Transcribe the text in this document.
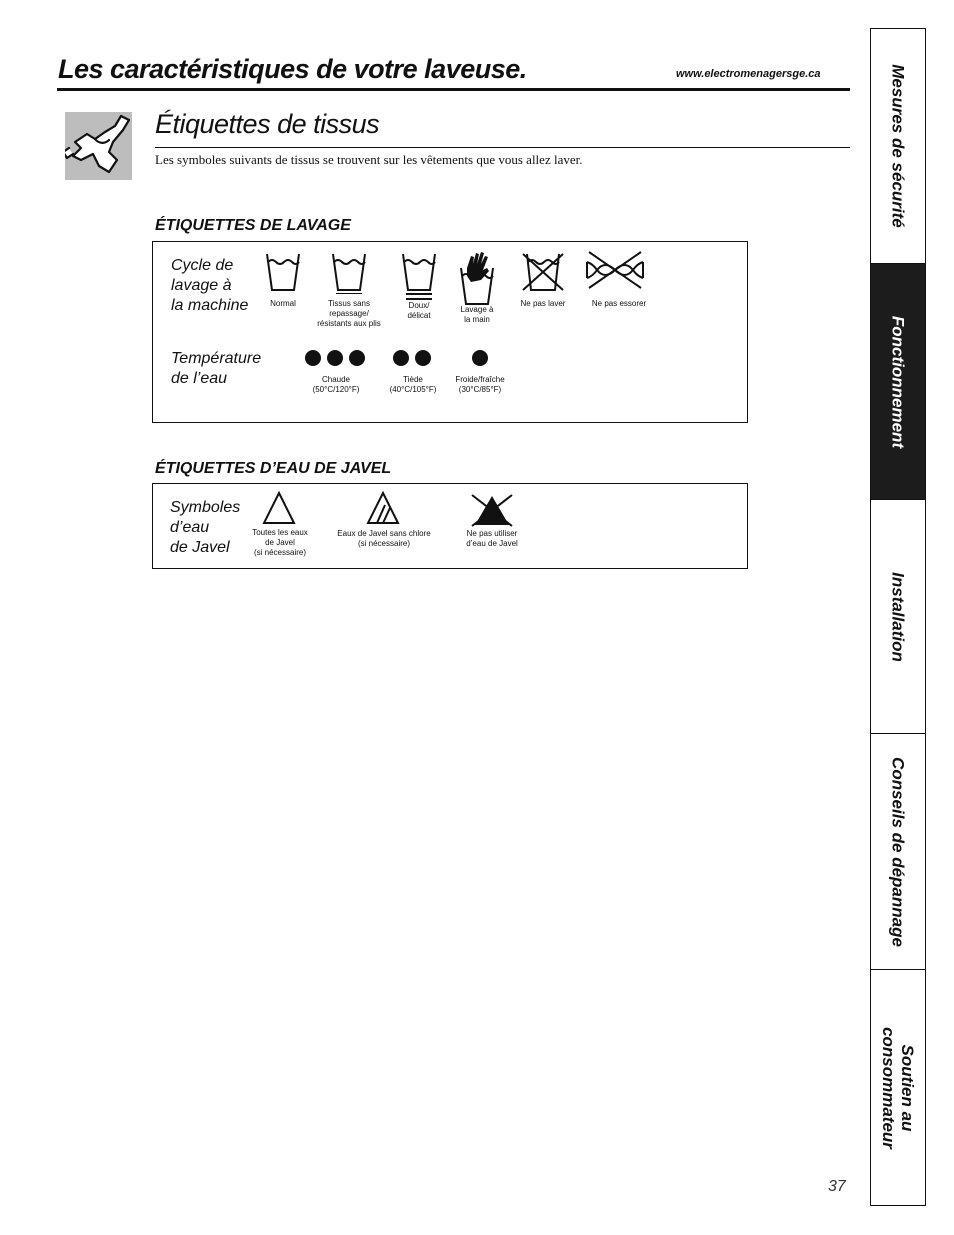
Les caractéristiques de votre laveuse.	www.electromenagersge.ca
Étiquettes de tissus
Les symboles suivants de tissus se trouvent sur les vêtements que vous allez laver.
ÉTIQUETTES DE LAVAGE
Cycle de
lavage à
la machine
Température
de l’eau
Normal	Tissus sans
repassage/
résistants aux plis
Doux/
délicat
Lavage à
la main
Ne pas laver	Ne pas essorer
Chaude
(50°C/120°F)
Tiède
(40°C/105°F)
Froide/fraîche
(30°C/85°F)
ÉTIQUETTES D’EAU DE JAVEL
Symboles
d’eau
de Javel
Toutes les eaux
de Javel
(si nécessaire)
Eaux de Javel sans chlore
(si nécessaire)
Ne pas utiliser
d’eau de Javel
Mesures de sécurité
Fonctionnement
Installation
Conseils de dépannage
Soutien au
consommateur
37
